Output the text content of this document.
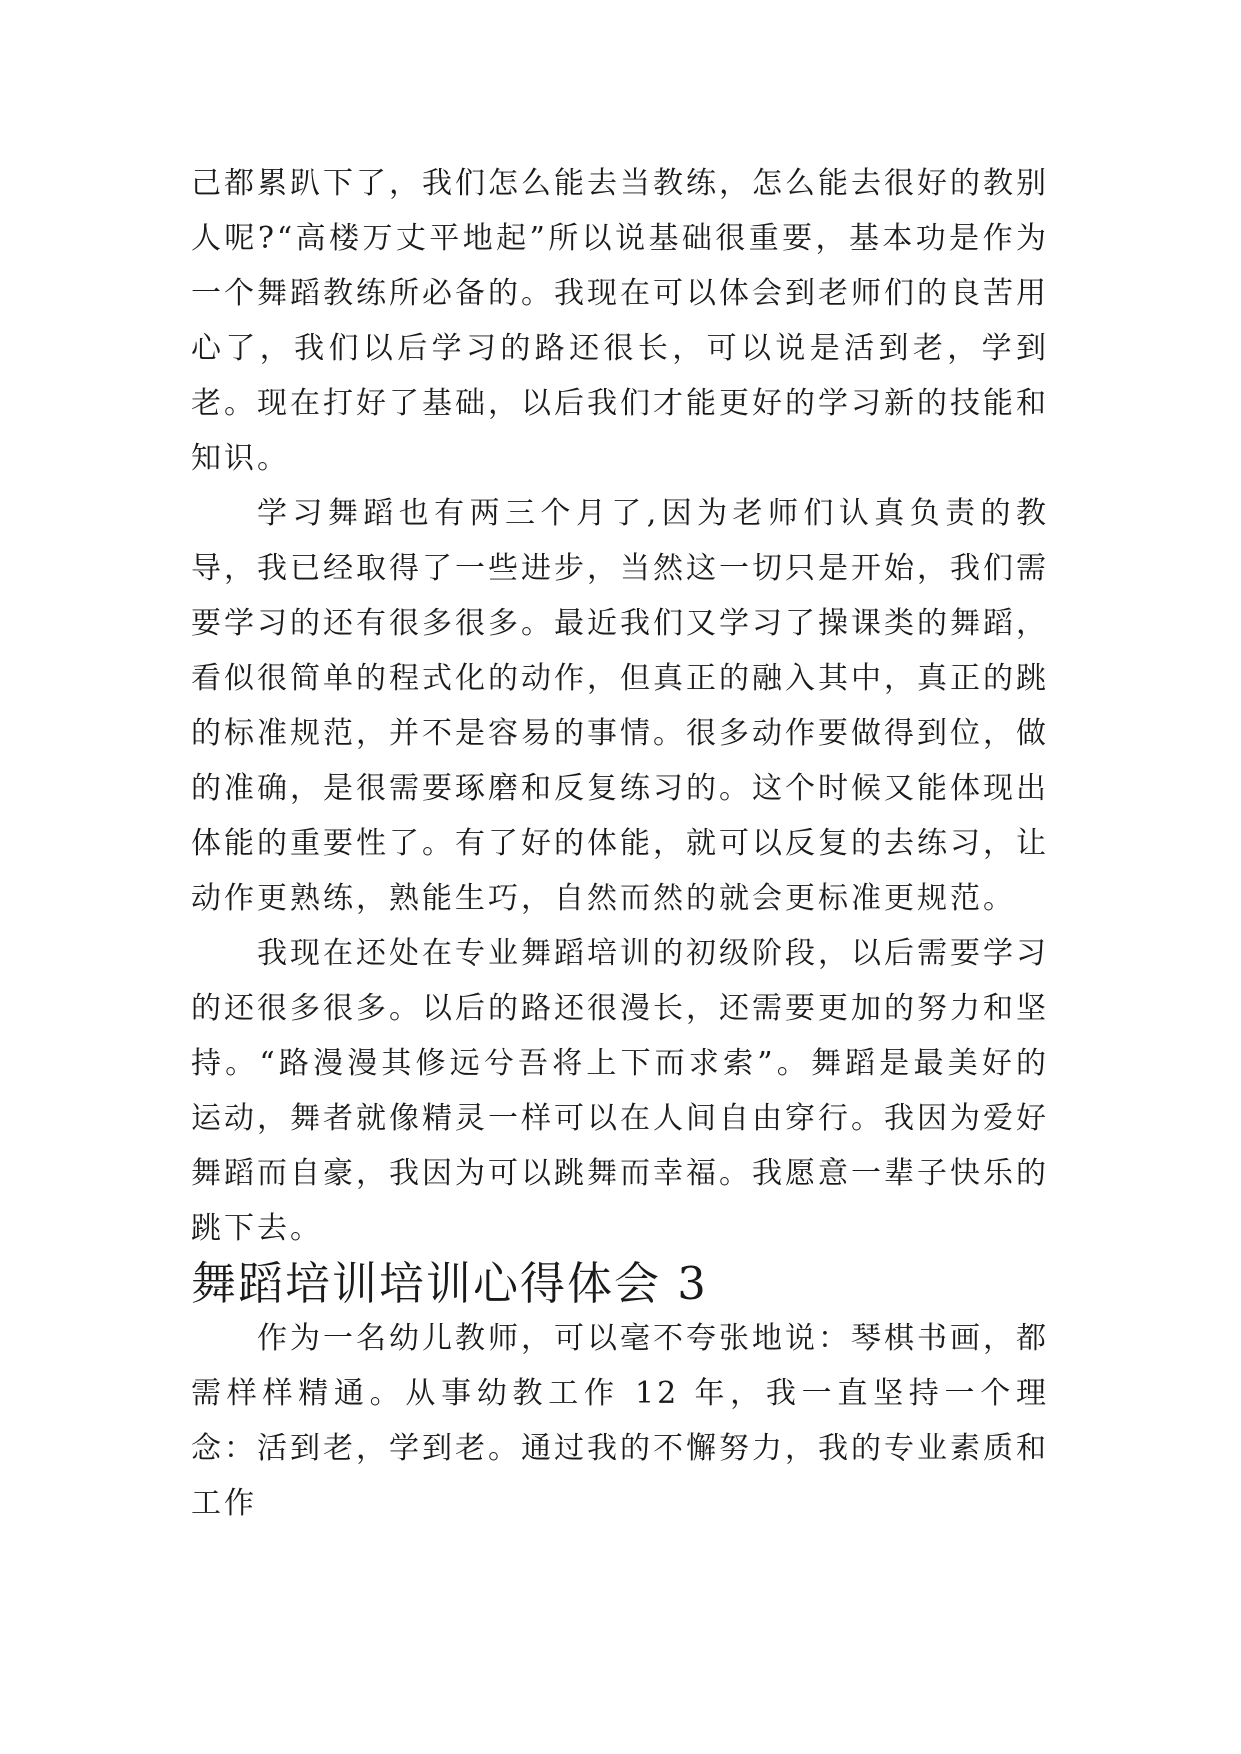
己都累趴下了，我们怎么能去当教练，怎么能去很好的教别人呢?“高楼万丈平地起”所以说基础很重要，基本功是作为一个舞蹈教练所必备的。我现在可以体会到老师们的良苦用心了，我们以后学习的路还很长，可以说是活到老，学到老。现在打好了基础，以后我们才能更好的学习新的技能和知识。

学习舞蹈也有两三个月了,因为老师们认真负责的教导，我已经取得了一些进步，当然这一切只是开始，我们需要学习的还有很多很多。最近我们又学习了操课类的舞蹈，看似很简单的程式化的动作，但真正的融入其中，真正的跳的标准规范，并不是容易的事情。很多动作要做得到位，做的准确，是很需要琢磨和反复练习的。这个时候又能体现出体能的重要性了。有了好的体能，就可以反复的去练习，让动作更熟练，熟能生巧，自然而然的就会更标准更规范。

我现在还处在专业舞蹈培训的初级阶段，以后需要学习的还很多很多。以后的路还很漫长，还需要更加的努力和坚持。“路漫漫其修远兮吾将上下而求索”。舞蹈是最美好的运动，舞者就像精灵一样可以在人间自由穿行。我因为爱好舞蹈而自豪，我因为可以跳舞而幸福。我愿意一辈子快乐的跳下去。

舞蹈培训培训心得体会 3

作为一名幼儿教师，可以毫不夸张地说：琴棋书画，都需样样精通。从事幼教工作 12 年，我一直坚持一个理念：活到老，学到老。通过我的不懈努力，我的专业素质和工作
